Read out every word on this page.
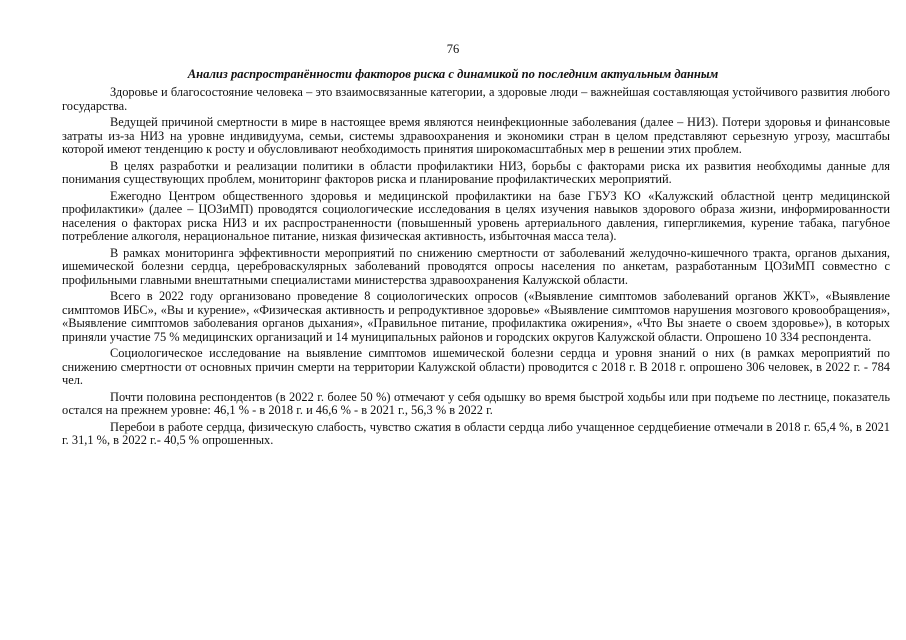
76
Анализ распространённости факторов риска с динамикой по последним актуальным данным

Здоровье и благосостояние человека – это взаимосвязанные категории, а здоровые люди – важнейшая составляющая устойчивого развития любого государства.

Ведущей причиной смертности в мире в настоящее время являются неинфекционные заболевания (далее – НИЗ). Потери здоровья и финансовые затраты из-за НИЗ на уровне индивидуума, семьи, системы здравоохранения и экономики стран в целом представляют серьезную угрозу, масштабы которой имеют тенденцию к росту и обусловливают необходимость принятия широкомасштабных мер в решении этих проблем.

В целях разработки и реализации политики в области профилактики НИЗ, борьбы с факторами риска их развития необходимы данные для понимания существующих проблем, мониторинг факторов риска и планирование профилактических мероприятий.

Ежегодно Центром общественного здоровья и медицинской профилактики на базе ГБУЗ КО «Калужский областной центр медицинской профилактики» (далее – ЦОЗиМП) проводятся социологические исследования в целях изучения навыков здорового образа жизни, информированности населения о факторах риска НИЗ и их распространенности (повышенный уровень артериального давления, гипергликемия, курение табака, пагубное потребление алкоголя, нерациональное питание, низкая физическая активность, избыточная масса тела).

В рамках мониторинга эффективности мероприятий по снижению смертности от заболеваний желудочно-кишечного тракта, органов дыхания, ишемической болезни сердца, цереброваскулярных заболеваний проводятся опросы населения по анкетам, разработанным ЦОЗиМП совместно с профильными главными внештатными специалистами министерства здравоохранения Калужской области.

Всего в 2022 году организовано проведение 8 социологических опросов («Выявление симптомов заболеваний органов ЖКТ», «Выявление симптомов ИБС», «Вы и курение», «Физическая активность и репродуктивное здоровье» «Выявление симптомов нарушения мозгового кровообращения», «Выявление симптомов заболевания органов дыхания», «Правильное питание, профилактика ожирения», «Что Вы знаете о своем здоровье»), в которых приняли участие 75 % медицинских организаций и 14 муниципальных районов и городских округов Калужской области. Опрошено 10 334 респондента.

Социологическое исследование на выявление симптомов ишемической болезни сердца и уровня знаний о них (в рамках мероприятий по снижению смертности от основных причин смерти на территории Калужской области) проводится с 2018 г. В 2018 г. опрошено 306 человек, в 2022 г. - 784 чел.

Почти половина респондентов (в 2022 г. более 50 %) отмечают у себя одышку во время быстрой ходьбы или при подъеме по лестнице, показатель остался на прежнем уровне: 46,1 % - в 2018 г. и 46,6 % - в 2021 г., 56,3 % в 2022 г.

Перебои в работе сердца, физическую слабость, чувство сжатия в области сердца либо учащенное сердцебиение отмечали в 2018 г. 65,4 %, в 2021 г. 31,1 %, в 2022 г.- 40,5 % опрошенных.
